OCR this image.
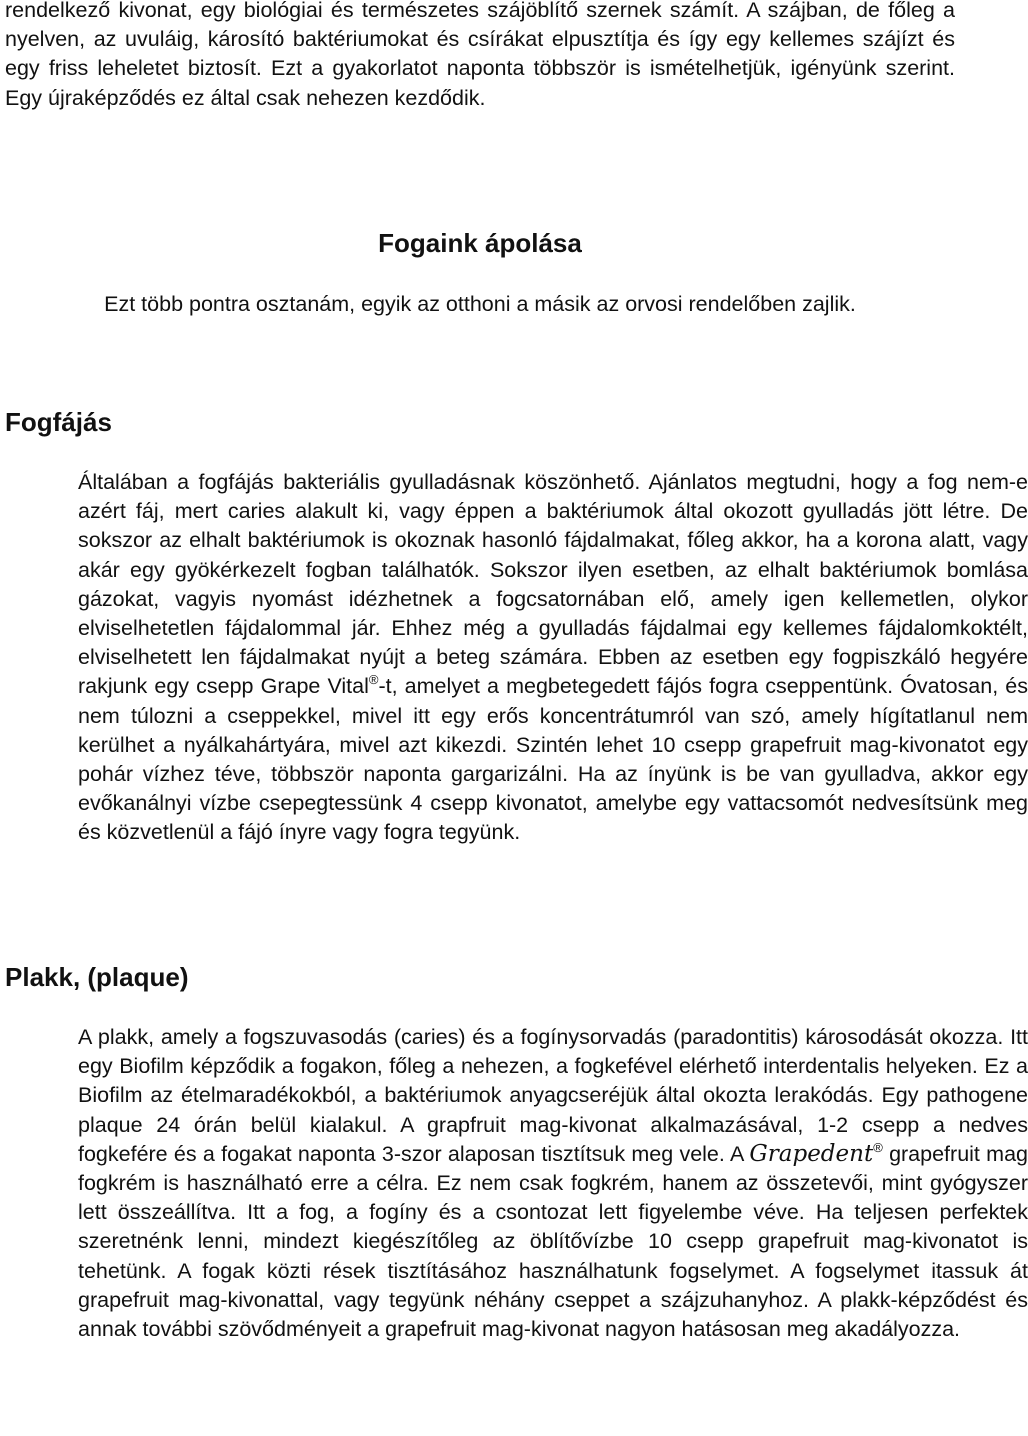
rendelkező kivonat, egy biológiai és természetes szájöblítő szernek számít. A szájban, de főleg a nyelven, az uvuláig, károsító baktériumokat és csírákat elpusztítja és így egy kellemes szájízt és egy friss leheletet biztosít. Ezt a gyakorlatot naponta többször is ismételhetjük, igényünk szerint. Egy újraképződés ez által csak nehezen kezdődik.

Fogaink ápolása

Ezt több pontra osztanám, egyik az otthoni a másik az orvosi rendelőben zajlik.

Fogfájás

Általában a fogfájás bakteriális gyulladásnak köszönhető. Ajánlatos megtudni, hogy a fog nem-e azért fáj, mert caries alakult ki, vagy éppen a baktériumok által okozott gyulladás jött létre. De sokszor az elhalt baktériumok is okoznak hasonló fájdalmakat, főleg akkor, ha a korona alatt, vagy akár egy gyökérkezelt fogban találhatók. Sokszor ilyen esetben, az elhalt baktériumok bomlása gázokat, vagyis nyomást idézhetnek a fogcsatornában elő, amely igen kellemetlen, olykor elviselhetetlen fájdalommal jár. Ehhez még a gyulladás fájdalmai egy kellemes fájdalomkoktélt, elviselhetett len fájdalmakat nyújt a beteg számára. Ebben az esetben egy fogpiszkáló hegyére rakjunk egy csepp Grape Vital®-t, amelyet a megbetegedett fájós fogra cseppentünk. Óvatosan, és nem túlozni a cseppekkel, mivel itt egy erős koncentrátumról van szó, amely hígítatlanul nem kerülhet a nyálkahártyára, mivel azt kikezdi. Szintén lehet 10 csepp grapefruit mag-kivonatot egy pohár vízhez téve, többször naponta gargarizálni. Ha az ínyünk is be van gyulladva, akkor egy evőkanálnyi vízbe csepegtessünk 4 csepp kivonatot, amelybe egy vattacsomót nedvesítsünk meg és közvetlenül a fájó ínyre vagy fogra tegyünk.

Plakk, (plaque)

A plakk, amely a fogszuvasodás (caries) és a fogínysorvadás (paradontitis) károsodását okozza. Itt egy Biofilm képződik a fogakon, főleg a nehezen, a fogkefével elérhető interdentalis helyeken. Ez a Biofilm az ételmaradékokból, a baktériumok anyagcseréjük által okozta lerakódás. Egy pathogene plaque 24 órán belül kialakul. A grapfruit mag-kivonat alkalmazásával, 1-2 csepp a nedves fogkefére és a fogakat naponta 3-szor alaposan tisztítsuk meg vele. A Grapedent® grapefruit mag fogkrém is használható erre a célra. Ez nem csak fogkrém, hanem az összetevői, mint gyógyszer lett összeállítva. Itt a fog, a fogíny és a csontozat lett figyelembe véve. Ha teljesen perfektek szeretnénk lenni, mindezt kiegészítőleg az öblítővízbe 10 csepp grapefruit mag-kivonatot is tehetünk. A fogak közti rések tisztításához használhatunk fogselymet. A fogselymet itassuk át grapefruit mag-kivonattal, vagy tegyünk néhány cseppet a szájzuhanyhoz. A plakk-képződést és annak további szövődményeit a grapefruit mag-kivonat nagyon hatásosan meg akadályozza.
